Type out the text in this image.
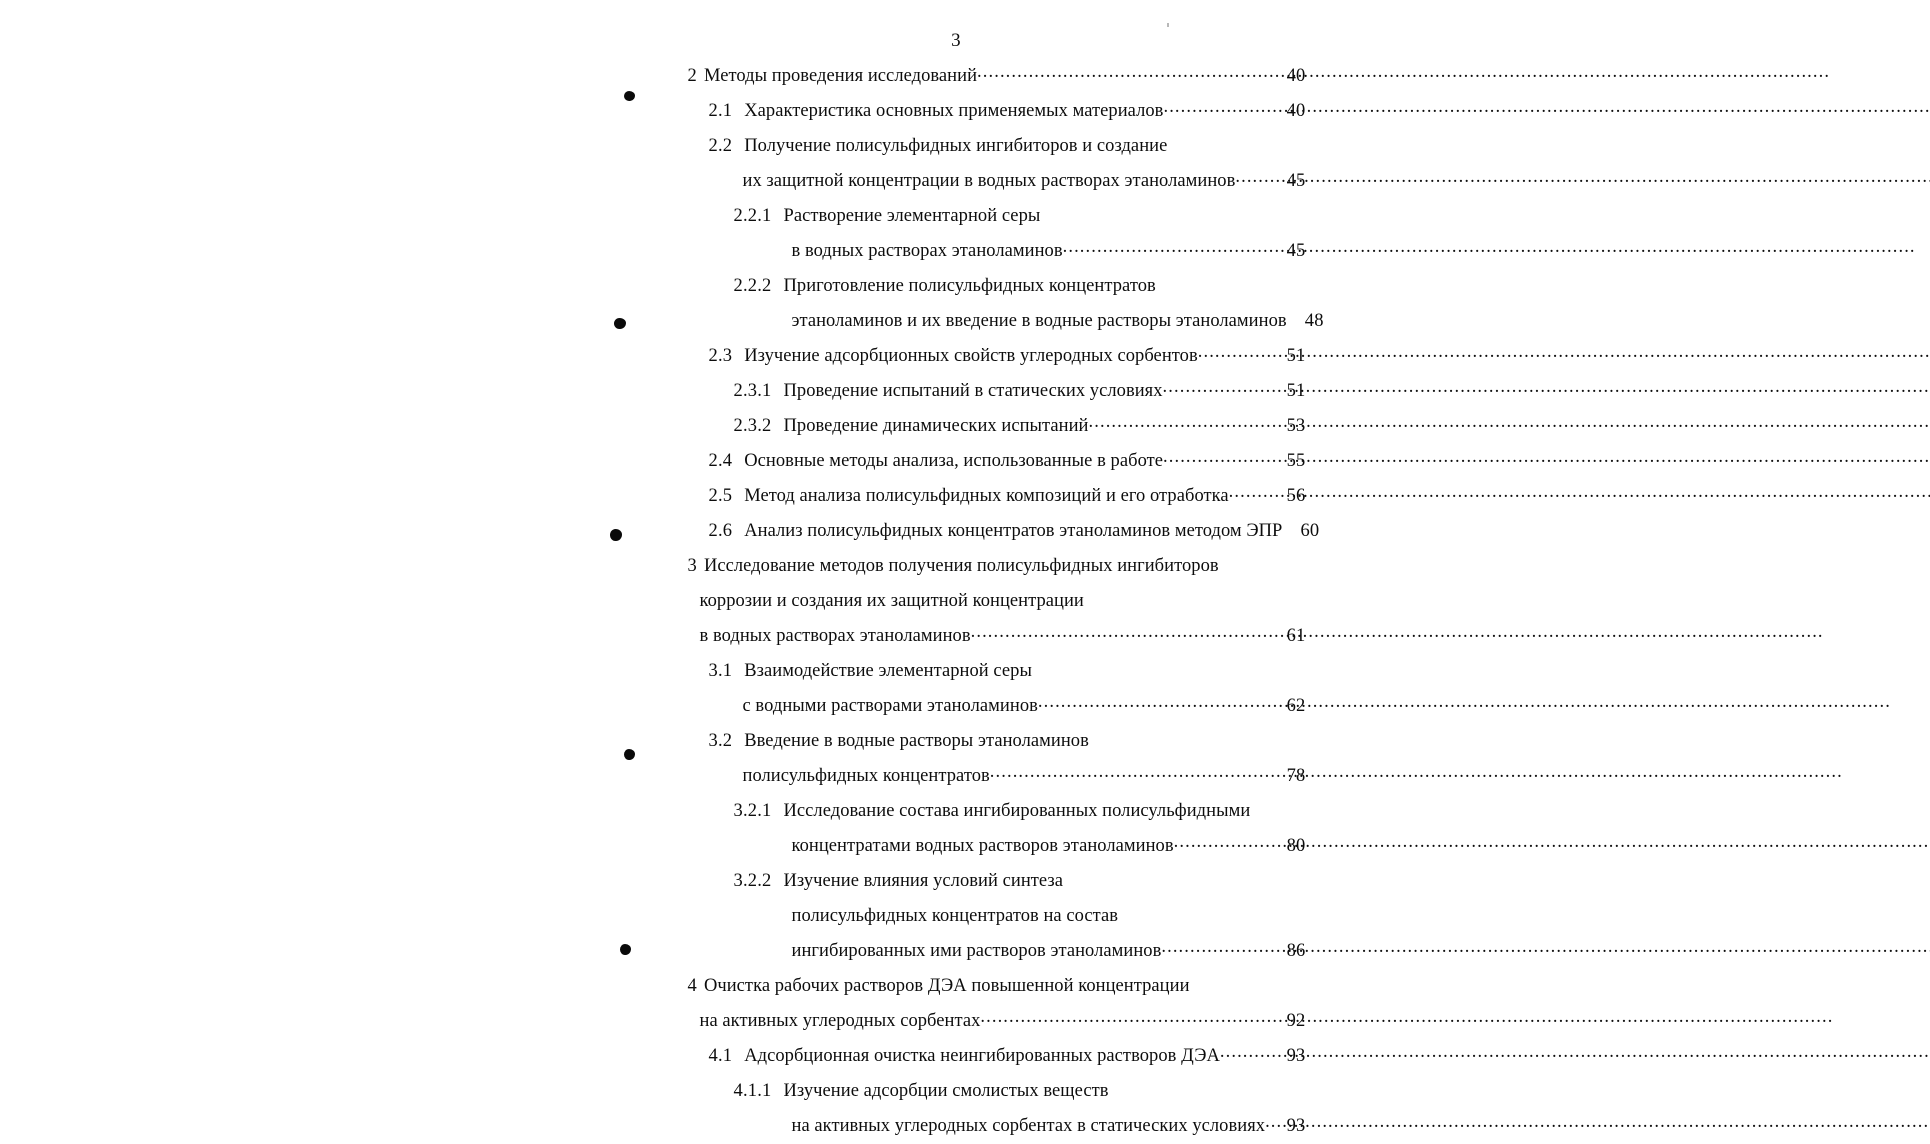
3
2 Методы проведения исследований .....	40
2.1 Характеристика основных применяемых материалов .....	40
2.2 Получение полисульфидных ингибиторов и создание
их защитной концентрации в водных растворах этаноламинов .....	45
2.2.1 Растворение элементарной серы
в водных растворах этаноламинов .....	45
2.2.2 Приготовление полисульфидных концентратов
этаноламинов и их введение в водные растворы этаноламинов 48
2.3 Изучение адсорбционных свойств углеродных сорбентов .....	51
2.3.1 Проведение испытаний в статических условиях .....	51
2.3.2 Проведение динамических испытаний .....	53
2.4 Основные методы анализа, использованные в работе .....	55
2.5 Метод анализа полисульфидных композиций и его отработка .....	56
2.6 Анализ полисульфидных концентратов этаноламинов методом ЭПР 60
3 Исследование методов получения полисульфидных ингибиторов
коррозии и создания их защитной концентрации
в водных растворах этаноламинов .....	61
3.1 Взаимодействие элементарной серы
с водными растворами этаноламинов .....	62
3.2 Введение в водные растворы этаноламинов
полисульфидных концентратов .....	78
3.2.1 Исследование состава ингибированных полисульфидными
концентратами водных растворов этаноламинов .....	80
3.2.2 Изучение влияния условий синтеза
полисульфидных концентратов на состав
ингибированных ими растворов этаноламинов .....	86
4 Очистка рабочих растворов ДЭА повышенной концентрации
на активных углеродных сорбентах .....	92
4.1 Адсорбционная очистка неингибированных растворов ДЭА .....	93
4.1.1 Изучение адсорбции смолистых веществ
на активных углеродных сорбентах в статических условиях .....	93
